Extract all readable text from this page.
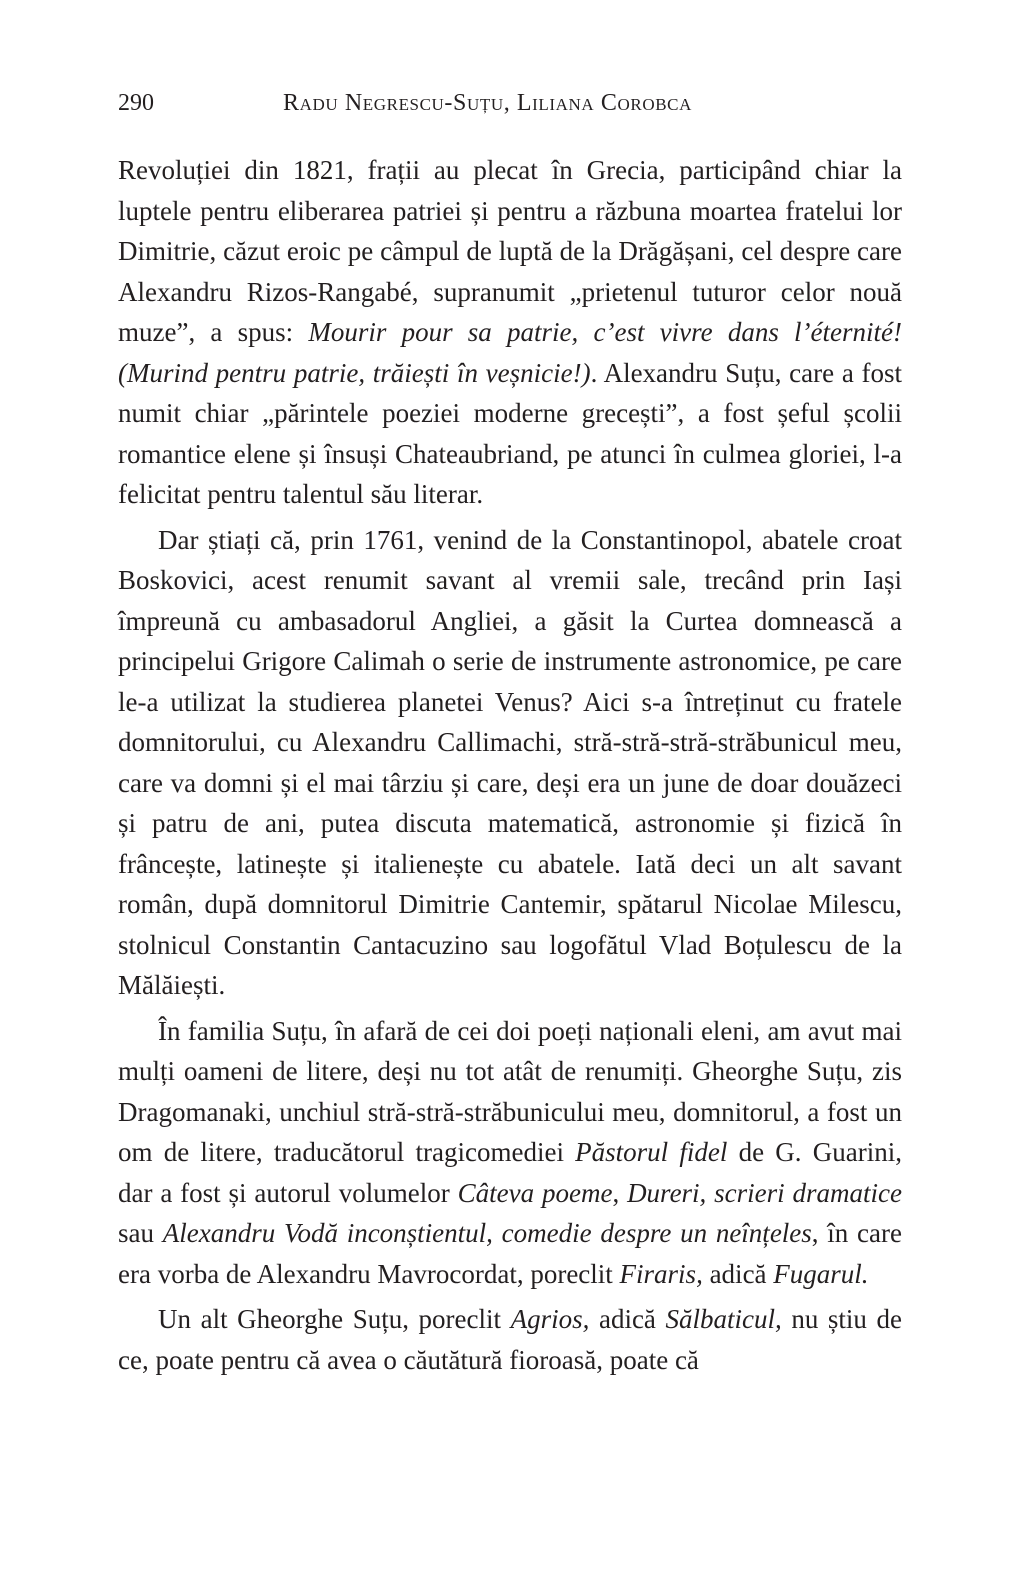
290	Radu Negrescu-Suțu, Liliana Corobca

Revoluției din 1821, frații au plecat în Grecia, participând chiar la luptele pentru eliberarea patriei și pentru a răzbuna moartea fratelui lor Dimitrie, căzut eroic pe câmpul de luptă de la Drăgășani, cel despre care Alexandru Rizos-Rangabé, supranumit „prietenul tuturor celor nouă muze”, a spus: Mourir pour sa patrie, c’est vivre dans l’éternité! (Murind pentru patrie, trăiești în veșnicie!). Alexandru Suțu, care a fost numit chiar „părintele poeziei moderne grecești”, a fost șeful școlii romantice elene și însuși Chateaubriand, pe atunci în culmea gloriei, l-a felicitat pentru talentul său literar.

Dar știați că, prin 1761, venind de la Constantinopol, abatele croat Boskovici, acest renumit savant al vremii sale, trecând prin Iași împreună cu ambasadorul Angliei, a găsit la Curtea domnească a principelui Grigore Calimah o serie de instrumente astronomice, pe care le-a utilizat la studierea planetei Venus? Aici s-a întreținut cu fratele domnitorului, cu Alexandru Callimachi, stră-stră-stră-străbunicul meu, care va domni și el mai târziu și care, deși era un june de doar douăzeci și patru de ani, putea discuta matematică, astronomie și fizică în frâncește, latinește și italienește cu abatele. Iată deci un alt savant român, după domnitorul Dimitrie Cantemir, spătarul Nicolae Milescu, stolnicul Constantin Cantacuzino sau logofătul Vlad Boțulescu de la Mălăiești.

În familia Suțu, în afară de cei doi poeți naționali eleni, am avut mai mulți oameni de litere, deși nu tot atât de renumiți. Gheorghe Suțu, zis Dragomanaki, unchiul stră-stră-străbunicului meu, domnitorul, a fost un om de litere, traducătorul tragicomediei Păstorul fidel de G. Guarini, dar a fost și autorul volumelor Câteva poeme, Dureri, scrieri dramatice sau Alexandru Vodă inconștientul, comedie despre un neînțeles, în care era vorba de Alexandru Mavrocordat, poreclit Firaris, adică Fugarul.

Un alt Gheorghe Suțu, poreclit Agrios, adică Sălbaticul, nu știu de ce, poate pentru că avea o căutătură fioroasă, poate că
